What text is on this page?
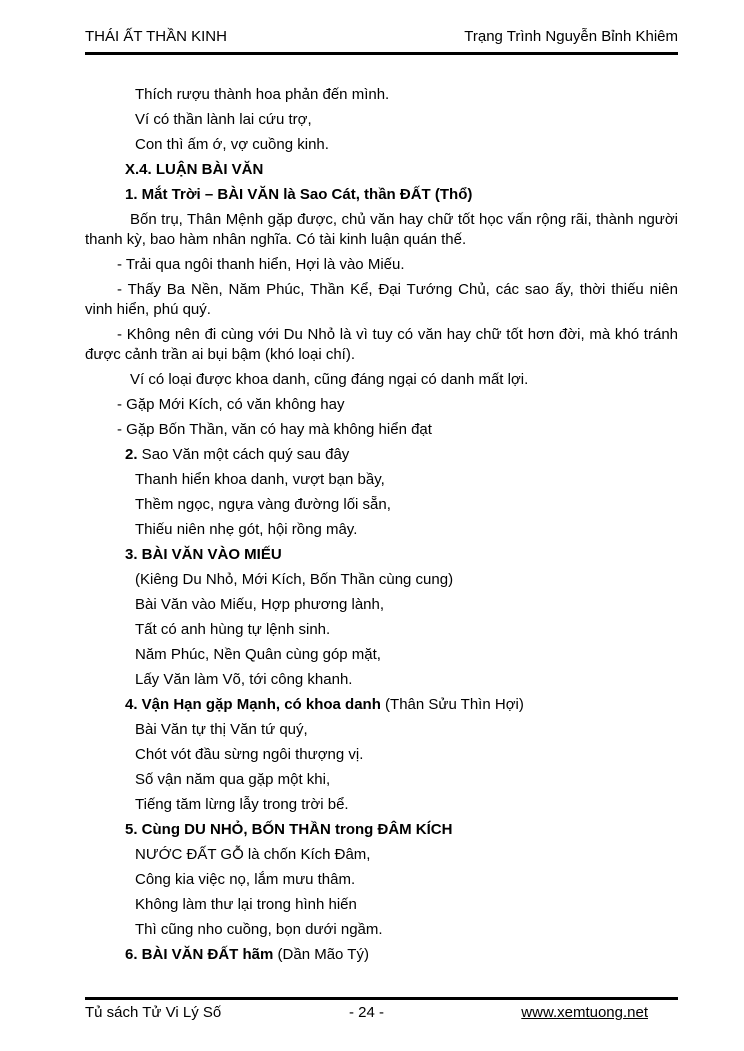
THÁI ẤT THẦN KINH	Trạng Trình Nguyễn Bỉnh Khiêm
Thích rượu thành hoa phản đến mình.
Ví có thần lành lai cứu trợ,
Con thì ấm ớ, vợ cuồng kinh.
X.4. LUẬN BÀI VĂN
1. Mắt Trời – BÀI VĂN là Sao Cát, thần ĐẤT (Thổ)
Bốn trụ, Thân Mệnh gặp được, chủ văn hay chữ tốt học vấn rộng rãi, thành người thanh kỳ, bao hàm nhân nghĩa. Có tài kinh luận quán thế.
- Trải qua ngôi thanh hiển, Hợi là vào Miếu.
- Thấy Ba Nền, Năm Phúc, Thần Kể, Đại Tướng Chủ, các sao ấy, thời thiếu niên vinh hiển, phú quý.
- Không nên đi cùng với Du Nhỏ là vì tuy có văn hay chữ tốt hơn đời, mà khó tránh được cảnh trần ai bụi bậm (khó loại chí).
Ví có loại được khoa danh, cũng đáng ngại có danh mất lợi.
- Gặp Mới Kích, có văn không hay
- Gặp Bốn Thần, văn có hay mà không hiển đạt
2. Sao Văn một cách quý sau đây
Thanh hiển khoa danh, vượt bạn bầy,
Thềm ngọc, ngựa vàng đường lối sẵn,
Thiếu niên nhẹ gót, hội rồng mây.
3. BÀI VĂN VÀO MIẾU
(Kiêng Du Nhỏ, Mới Kích, Bốn Thần cùng cung)
Bài Văn vào Miếu, Hợp phương lành,
Tất có anh hùng tự lệnh sinh.
Năm Phúc, Nền Quân cùng góp mặt,
Lấy Văn làm Võ, tới công khanh.
4. Vận Hạn gặp Mạnh, có khoa danh (Thân Sửu Thìn Hợi)
Bài Văn tự thị Văn tứ quý,
Chót vót đầu sừng ngôi thượng vị.
Số vận năm qua gặp một khi,
Tiếng tăm lừng lẫy trong trời bể.
5. Cùng DU NHỎ, BỐN THẦN trong ĐÂM KÍCH
NƯỚC ĐẤT GỖ là chốn Kích Đâm,
Công kia việc nọ, lắm mưu thâm.
Không làm thư lại trong hình hiến
Thì cũng nho cuồng, bọn dưới ngầm.
6. BÀI VĂN ĐẤT hãm (Dần Mão Tý)
Tủ sách Tử Vi Lý Số	- 24 -	www.xemtuong.net
